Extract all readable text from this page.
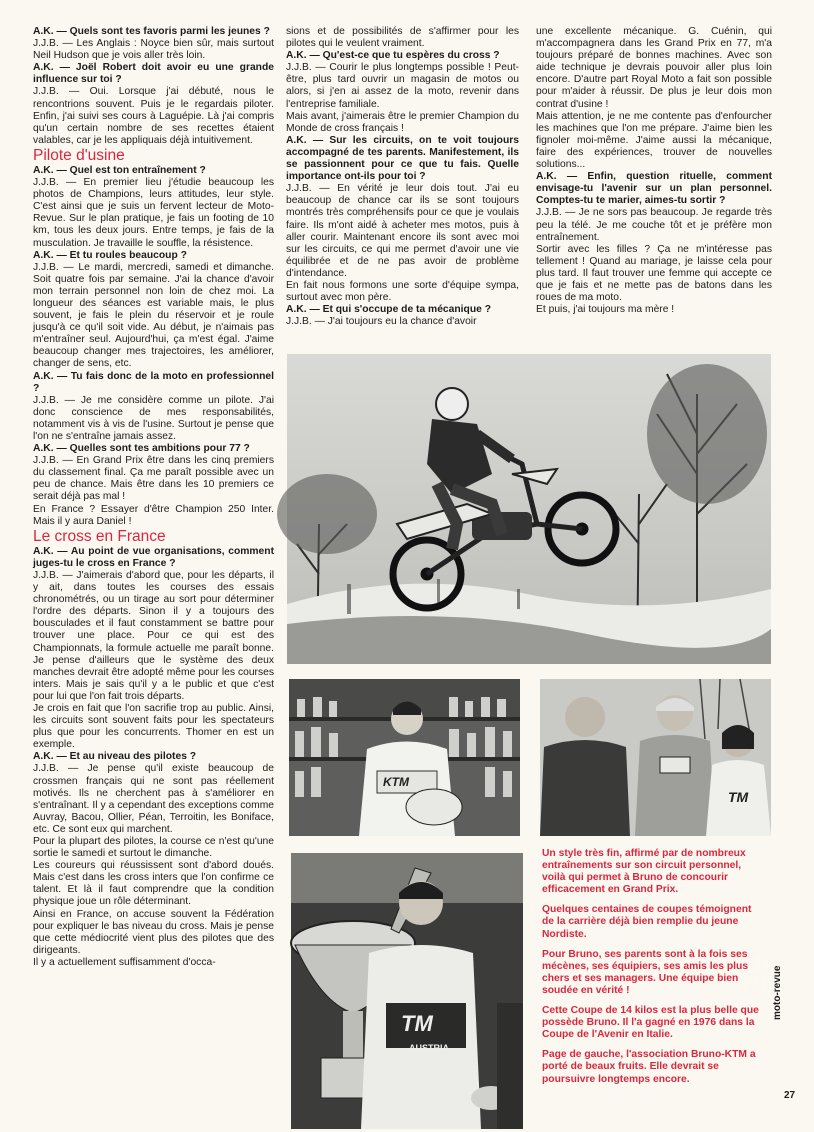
A.K. — Quels sont tes favoris parmi les jeunes ?

J.J.B. — Les Anglais : Noyce bien sûr, mais surtout Neil Hudson que je vois aller très loin.

A.K. — Joël Robert doit avoir eu une grande influence sur toi ?

J.J.B. — Oui. Lorsque j'ai débuté, nous le rencontrions souvent. Puis je le regardais piloter. Enfin, j'ai suivi ses cours à Laguépie. Là j'ai compris qu'un certain nombre de ses recettes étaient valables, car je les appliquais déjà intuitivement.

Pilote d'usine

A.K. — Quel est ton entraînement ?

J.J.B. — En premier lieu j'étudie beaucoup les photos de Champions, leurs attitudes, leur style. C'est ainsi que je suis un fervent lecteur de Moto-Revue. Sur le plan pratique, je fais un footing de 10 km, tous les deux jours. Entre temps, je fais de la musculation. Je travaille le souffle, la résistence.

A.K. — Et tu roules beaucoup ?

J.J.B. — Le mardi, mercredi, samedi et dimanche. Soit quatre fois par semaine. J'ai la chance d'avoir mon terrain personnel non loin de chez moi. La longueur des séances est variable mais, le plus souvent, je fais le plein du réservoir et je roule jusqu'à ce qu'il soit vide. Au début, je n'aimais pas m'entraîner seul. Aujourd'hui, ça m'est égal. J'aime beaucoup changer mes trajectoires, les améliorer, changer de sens, etc.

A.K. — Tu fais donc de la moto en professionnel ?

J.J.B. — Je me considère comme un pilote. J'ai donc conscience de mes responsabilités, notamment vis à vis de l'usine. Surtout je pense que l'on ne s'entraîne jamais assez.

A.K. — Quelles sont tes ambitions pour 77 ?

J.J.B. — En Grand Prix être dans les cinq premiers du classement final. Ça me paraît possible avec un peu de chance. Mais être dans les 10 premiers ce serait déjà pas mal !

En France ? Essayer d'être Champion 250 Inter. Mais il y aura Daniel !

Le cross en France

A.K. — Au point de vue organisations, comment juges-tu le cross en France ?

J.J.B. — J'aimerais d'abord que, pour les départs, il y ait, dans toutes les courses des essais chronométrés, ou un tirage au sort pour déterminer l'ordre des départs. Sinon il y a toujours des bousculades et il faut constamment se battre pour trouver une place. Pour ce qui est des Championnats, la formule actuelle me paraît bonne. Je pense d'ailleurs que le système des deux manches devrait être adopté même pour les courses inters. Mais je sais qu'il y a le public et que c'est pour lui que l'on fait trois départs.

Je crois en fait que l'on sacrifie trop au public. Ainsi, les circuits sont souvent faits pour les spectateurs plus que pour les concurrents. Thomer en est un exemple.

A.K. — Et au niveau des pilotes ?

J.J.B. — Je pense qu'il existe beaucoup de crossmen français qui ne sont pas réellement motivés. Ils ne cherchent pas à s'améliorer en s'entraînant. Il y a cependant des exceptions comme Auvray, Bacou, Ollier, Péan, Terroitin, les Boniface, etc. Ce sont eux qui marchent.

Pour la plupart des pilotes, la course ce n'est qu'une sortie le samedi et surtout le dimanche.

Les coureurs qui réussissent sont d'abord doués. Mais c'est dans les cross inters que l'on confirme ce talent. Et là il faut comprendre que la condition physique joue un rôle déterminant.

Ainsi en France, on accuse souvent la Fédération pour expliquer le bas niveau du cross. Mais je pense que cette médiocrité vient plus des pilotes que des dirigeants.

Il y a actuellement suffisamment d'occa-

sions et de possibilités de s'affirmer pour les pilotes qui le veulent vraiment.

A.K. — Qu'est-ce que tu espères du cross ?

J.J.B. — Courir le plus longtemps possible ! Peut-être, plus tard ouvrir un magasin de motos ou alors, si j'en ai assez de la moto, revenir dans l'entreprise familiale.

Mais avant, j'aimerais être le premier Champion du Monde de cross français !

A.K. — Sur les circuits, on te voit toujours accompagné de tes parents. Manifestement, ils se passionnent pour ce que tu fais. Quelle importance ont-ils pour toi ?

J.J.B. — En vérité je leur dois tout. J'ai eu beaucoup de chance car ils se sont toujours montrés très compréhensifs pour ce que je voulais faire. Ils m'ont aidé à acheter mes motos, puis à aller courir. Maintenant encore ils sont avec moi sur les circuits, ce qui me permet d'avoir une vie équilibrée et de ne pas avoir de problème d'intendance.

En fait nous formons une sorte d'équipe sympa, surtout avec mon père.

A.K. — Et qui s'occupe de ta mécanique ?

J.J.B. — J'ai toujours eu la chance d'avoir

une excellente mécanique. G. Cuénin, qui m'accompagnera dans les Grand Prix en 77, m'a toujours préparé de bonnes machines. Avec son aide technique je devrais pouvoir aller plus loin encore. D'autre part Royal Moto a fait son possible pour m'aider à réussir. De plus je leur dois mon contrat d'usine !

Mais attention, je ne me contente pas d'enfourcher les machines que l'on me prépare. J'aime bien les fignoler moi-même. J'aime aussi la mécanique, faire des expériences, trouver de nouvelles solutions...

A.K. — Enfin, question rituelle, comment envisage-tu l'avenir sur un plan personnel. Comptes-tu te marier, aimes-tu sortir ?

J.J.B. — Je ne sors pas beaucoup. Je regarde très peu la télé. Je me couche tôt et je préfère mon entraînement.

Sortir avec les filles ? Ça ne m'intéresse pas tellement ! Quand au mariage, je laisse cela pour plus tard. Il faut trouver une femme qui accepte ce que je fais et ne mette pas de batons dans les roues de ma moto.

Et puis, j'ai toujours ma mère !

MC
HD
KTM
TM
TM
AUSTRIA

Un style très fin, affirmé par de nombreux entraînements sur son circuit personnel, voilà qui permet à Bruno de concourir efficacement en Grand Prix.

Quelques centaines de coupes témoignent de la carrière déjà bien remplie du jeune Nordiste.

Pour Bruno, ses parents sont à la fois ses mécènes, ses équipiers, ses amis les plus chers et ses managers. Une équipe bien soudée en vérité !

Cette Coupe de 14 kilos est la plus belle que possède Bruno. Il l'a gagné en 1976 dans la Coupe de l'Avenir en Italie.

Page de gauche, l'association Bruno-KTM a porté de beaux fruits. Elle devrait se poursuivre longtemps encore.

moto-revue
27
